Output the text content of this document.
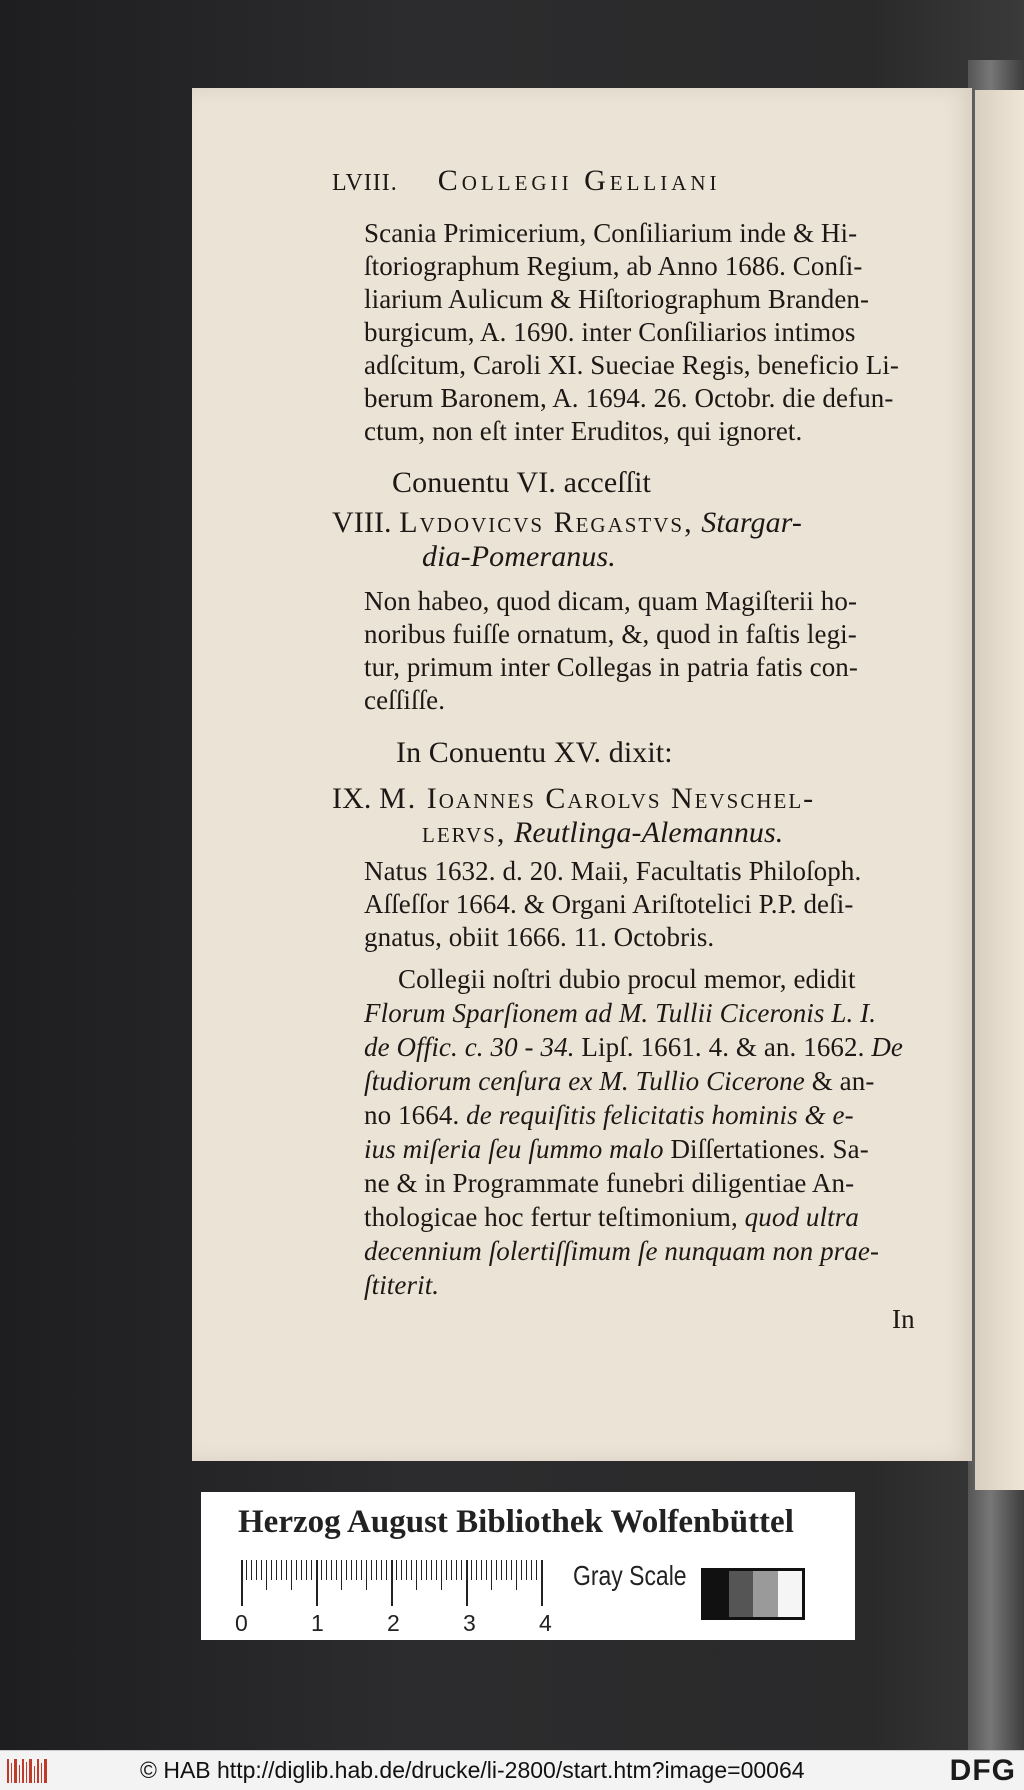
LVIII. Collegii Gelliani
Scania Primicerium, Conſiliarium inde & Hi-
ſtoriographum Regium, ab Anno 1686. Conſi-
liarium Aulicum & Hiſtoriographum Branden-
burgicum, A. 1690. inter Conſiliarios intimos
adſcitum, Caroli XI. Sueciae Regis, beneficio Li-
berum Baronem, A. 1694. 26. Octobr. die defun-
ctum, non eſt inter Eruditos, qui ignoret.
Conuentu VI. acceſſit
VIII. Lvdovicvs Regastvs, Stargar-
dia-Pomeranus.
Non habeo, quod dicam, quam Magiſterii ho-
noribus fuiſſe ornatum, &, quod in faſtis legi-
tur, primum inter Collegas in patria fatis con-
ceſſiſſe.
In Conuentu XV. dixit:
IX. M. Ioannes Carolvs Nevschel-
lervs, Reutlinga-Alemannus.
Natus 1632. d. 20. Maii, Facultatis Philoſoph.
Aſſeſſor 1664. & Organi Ariſtotelici P.P. deſi-
gnatus, obiit 1666. 11. Octobris.
Collegii noſtri dubio procul memor, edidit
Florum Sparſionem ad M. Tullii Ciceronis L. I.
de Offic. c. 30 - 34. Lipſ. 1661. 4. & an. 1662. De
ſtudiorum cenſura ex M. Tullio Cicerone & an-
no 1664. de requiſitis felicitatis hominis & e-
ius miſeria ſeu ſummo malo Diſſertationes. Sa-
ne & in Programmate funebri diligentiae An-
thologicae hoc fertur teſtimonium, quod ultra
decennium ſolertiſſimum ſe nunquam non prae-
ſtiterit.
In
Herzog August Bibliothek Wolfenbüttel
0	1	2	3	4
Gray Scale
© HAB http://diglib.hab.de/drucke/li-2800/start.htm?image=00064	DFG
